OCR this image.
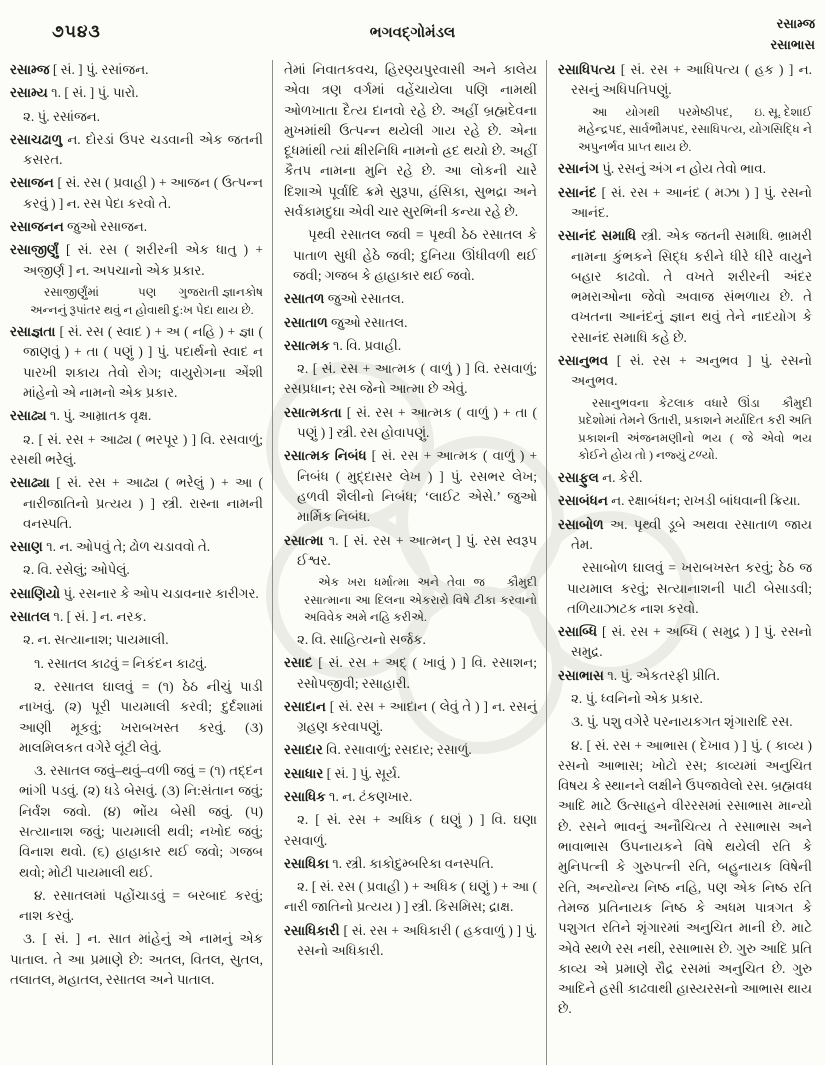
૭૫૪૩	ભગવદ્ગોમંડલ
રસામ્જ
રસાભાસ

રસામ્જ [ સં. ] પું. રસાંજન.

રસામ્ય ૧. [ સં. ] પું. પારો.

૨. પું. રસાંજન.

રસાચઢાળુ ન. દોરડાં ઉપર ચડવાની એક જતની કસરત.

રસાજન [ સં. રસ ( પ્રવાહી ) + આજન ( ઉત્પન્ન કરવું ) ] ન. રસ પેદા કરવો તે.

રસાજનન જુઓ રસાજન.

રસાજીર્ણું [ સં. રસ ( શરીરની એક ધાતુ ) + અજીર્ણ ] ન. અપચાનો એક પ્રકાર.

ગુજરાતી જ્ઞાનકોષ
રસાજીર્ણુંમાં પણ અન્નનું રૂપાંતર થવું ન હોવાથી દુ:ખ પેદા થાય છે.

રસાજ્ઞતા [ સં. રસ ( સ્વાદ ) + અ ( નહિ ) + જ્ઞા ( જાણવું ) + તા ( પણું ) ] પું. પદાર્થનો સ્વાદ ન પારખી શકાય તેવો રોગ; વાયુરોગના એંશી માંહેનો એ નામનો એક પ્રકાર.

રસાઢ્ય ૧. પું. આમ્રાતક વૃક્ષ.

૨. [ સં. રસ + આઢ્ય ( ભરપૂર ) ] વિ. રસવાળું; રસથી ભરેલું.

રસાઢ્યા [ સં. રસ + આઢ્ય ( ભરેલું ) + આ ( નારીજાતિનો પ્રત્યય ) ] સ્ત્રી. રાસ્ના નામની વનસ્પતિ.

રસાણ ૧. ન. ઓપવું તે; ઢોળ ચડાવવો તે.

૨. વિ. રસેલું; ઓપેલું.

રસાણિયો પું. રસનાર કે ઓપ ચડાવનાર કારીગર.

રસાતલ ૧. [ સં. ] ન. નરક.

૨. ન. સત્યાનાશ; પાયમાલી.

૧. રસાતલ કાઢવું = નિકંદન કાઢવું.

૨. રસાતલ ઘાલવું = (૧) ઠેઠ નીચું પાડી નાખવું. (૨) પૂરી પાયમાલી કરવી; દુર્દશામાં આણી મૂકવું; ખરાબખસ્ત કરવું. (૩) માલમિલકત વગેરે લૂંટી લેવું.

૩. રસાતલ જવું–થવું–વળી જવું = (૧) તદ્દન ભાંગી પડવું. (૨) ધડે બેસવું. (૩) નિ:સંતાન જવું; નિર્વંશ જવો. (૪) ભોંય બેસી જવું. (૫) સત્યાનાશ જવું; પાયમાલી થવી; નખોદ જવું; વિનાશ થવો. (૬) હાહાકાર થઈ જવો; ગજબ થવો; મોટી પાયમાલી થઈ.

૪. રસાતલમાં પહોંચાડવું = બરબાદ કરવું; નાશ કરવું.

૩. [ સં. ] ન. સાત માંહેનું એ નામનું એક પાતાલ. તે આ પ્રમાણે છે: અતલ, વિતલ, સુતલ, તલાતલ, મહાતલ, રસાતલ અને પાતાલ.

તેમાં નિવાતકવચ, હિરણ્યપુરવાસી અને કાલેય એવા ત્રણ વર્ગમાં વહેંચાયેલા પણિ નામથી ઓળખાતા દૈત્ય દાનવો રહે છે. અહીં બ્રહ્મદેવના મુખમાંથી ઉત્પન્ન થયેલી ગાય રહે છે. એના દૂધમાંથી ત્યાં ક્ષીરનિધિ નામનો હ્રદ થયો છે. અહીં કૈતપ નામના મુનિ રહે છે. આ લોકની ચારે દિશાએ પૂર્વાદિ ક્રમે સુરૂપા, હંસિકા, સુભદ્રા અને સર્વકામદુઘા એવી ચાર સુરભિની કન્યા રહે છે.

પૃથ્વી રસાતલ જવી = પૃથ્વી ઠેઠ રસાતલ કે પાતાળ સુધી હેઠે જવી; દુનિયા ઊંધીવળી થઈ જવી; ગજબ કે હાહાકાર થઈ જવો.

રસાતળ જુઓ રસાતલ.

રસાતાળ જુઓ રસાતલ.

રસાત્મક ૧. વિ. પ્રવાહી.

૨. [ સં. રસ + આત્મક ( વાળું ) ] વિ. રસવાળું; રસપ્રધાન; રસ જેનો આત્મા છે એવું.

રસાત્મકતા [ સં. રસ + આત્મક ( વાળું ) + તા ( પણું ) ] સ્ત્રી. રસ હોવાપણું.

રસાત્મક નિબંધ [ સં. રસ + આત્મક ( વાળું ) + નિબંધ ( મુદ્દાસર લેખ ) ] પું. રસભર લેખ; હળવી શૈલીનો નિબંધ; ‘લાઈટ એસે.’ જુઓ માર્મિક નિબંધ.

રસાત્મા ૧. [ સં. રસ + આત્મન્ ] પું. રસ સ્વરૂપ ઈશ્વર.

કૌમુદી
એક ખરા ધર્માત્મા અને તેવા જ રસાત્માના આ દિલના એકરારો વિષે ટીકા કરવાનો અવિવેક અમે નહિ કરીએ.

૨. વિ. સાહિત્યનો સર્જક.

રસાદ [ સં. રસ + અદ્ ( ખાવું ) ] વિ. રસાશન; રસોપજીવી; રસાહારી.

રસાદાન [ સં. રસ + આદાન ( લેવું તે ) ] ન. રસનું ગ્રહણ કરવાપણું.

રસાદાર વિ. રસાવાળું; રસદાર; રસાળું.

રસાધાર [ સં. ] પું. સૂર્ય.

રસાધિક ૧. ન. ટંકણખાર.

૨. [ સં. રસ + અધિક ( ઘણું ) ] વિ. ઘણા રસવાળું.

રસાધિકા ૧. સ્ત્રી. કાકોદુમ્બરિકા વનસ્પતિ.

૨. [ સં. રસ ( પ્રવાહી ) + અધિક ( ઘણું ) + આ ( નારી જાતિનો પ્રત્યય ) ] સ્ત્રી. કિસમિસ; દ્રાક્ષ.

રસાધિકારી [ સં. રસ + અધિકારી ( હકવાળું ) ] પું. રસનો અધિકારી.

રસાધિપત્ય [ સં. રસ + આધિપત્ય ( હક ) ] ન. રસનું અધિપતિપણું.

ઇ. સૂ. દેશાઈ
આ યોગથી પરમેષ્ઠીપદ, મહેન્દ્રપદ, સાર્વભૌમપદ, રસાધિપત્ય, યોગસિદ્ધિ ને અપુનર્ભવ પ્રાપ્ત થાય છે.

રસાનંગ પું. રસનું અંગ ન હોય તેવો ભાવ.

રસાનંદ [ સં. રસ + આનંદ ( મઝા ) ] પું. રસનો આનંદ.

રસાનંદ સમાધિ સ્ત્રી. એક જતની સમાધિ. ભ્રામરી નામના કુંભકને સિદ્ધ કરીને ધીરે ધીરે વાયુને બહાર કાઢવો. તે વખતે શરીરની અંદર ભમરાઓના જેવો અવાજ સંભળાય છે. તે વખતના આનંદનું જ્ઞાન થવું તેને નાદયોગ કે રસાનંદ સમાધિ કહે છે.

રસાનુભવ [ સં. રસ + અનુભવ ] પું. રસનો અનુભવ.

કૌમુદી
રસાનુભવના કેટલાક વધારે ઊંડા પ્રદેશોમાં તેમને ઉતારી, પ્રકાશને મર્યાદિત કરી અતિ પ્રકાશની અંજનમણીનો ભય ( જે એવો ભય કોઈને હોય તો ) નજ્યું ટળ્યો.

રસાફુલ ન. કેરી.

રસાબંધન ન. રક્ષાબંધન; રાખડી બાંધવાની ક્રિયા.

રસાબોળ અ. પૃથ્વી ડૂબે અથવા રસાતાળ જાય તેમ.

રસાબોળ ઘાલવું = ખરાબખસ્ત કરવું; ઠેઠ જ પાયમાલ કરવું; સત્યાનાશની પાટી બેસાડવી; તળિયાઝાટક નાશ કરવો.

રસાબ્ધિ [ સં. રસ + અબ્ધિ ( સમુદ્ર ) ] પું. રસનો સમુદ્ર.

રસાભાસ ૧. પું. એકતરફી પ્રીતિ.

૨. પું. ધ્વનિનો એક પ્રકાર.

૩. પું. પશુ વગેરે પરનાયકગત શૃંગારાદિ રસ.

૪. [ સં. રસ + આભાસ ( દેખાવ ) ] પું. ( કાવ્ય ) રસનો આભાસ; ખોટો રસ; કાવ્યમાં અનુચિત વિષય કે સ્થાનને લક્ષીને ઉપજાવેલો રસ. બ્રહ્મવધ આદિ માટે ઉત્સાહને વીરરસમાં રસાભાસ માન્યો છે. રસને ભાવનું અનૌચિત્ય તે રસાભાસ અને ભાવાભાસ ઉપનાયકને વિષે થયેલી રતિ કે મુનિપત્ની કે ગુરુપત્ની રતિ, બહુનાયક વિષેની રતિ, અન્યોન્ય નિષ્ઠ નહિ, પણ એક નિષ્ઠ રતિ તેમજ પ્રતિનાયક નિષ્ઠ કે અધમ પાત્રગત કે પશુગત રતિને શૃંગારમાં અનુચિત માની છે. માટે એવે સ્થળે રસ નથી, રસાભાસ છે. ગુરુ આદિ પ્રતિ કાવ્ય એ પ્રમાણે રૌદ્ર રસમાં અનુચિત છે. ગુરુ આદિને હસી કાઢવાથી હાસ્યરસનો આભાસ થાય છે.
